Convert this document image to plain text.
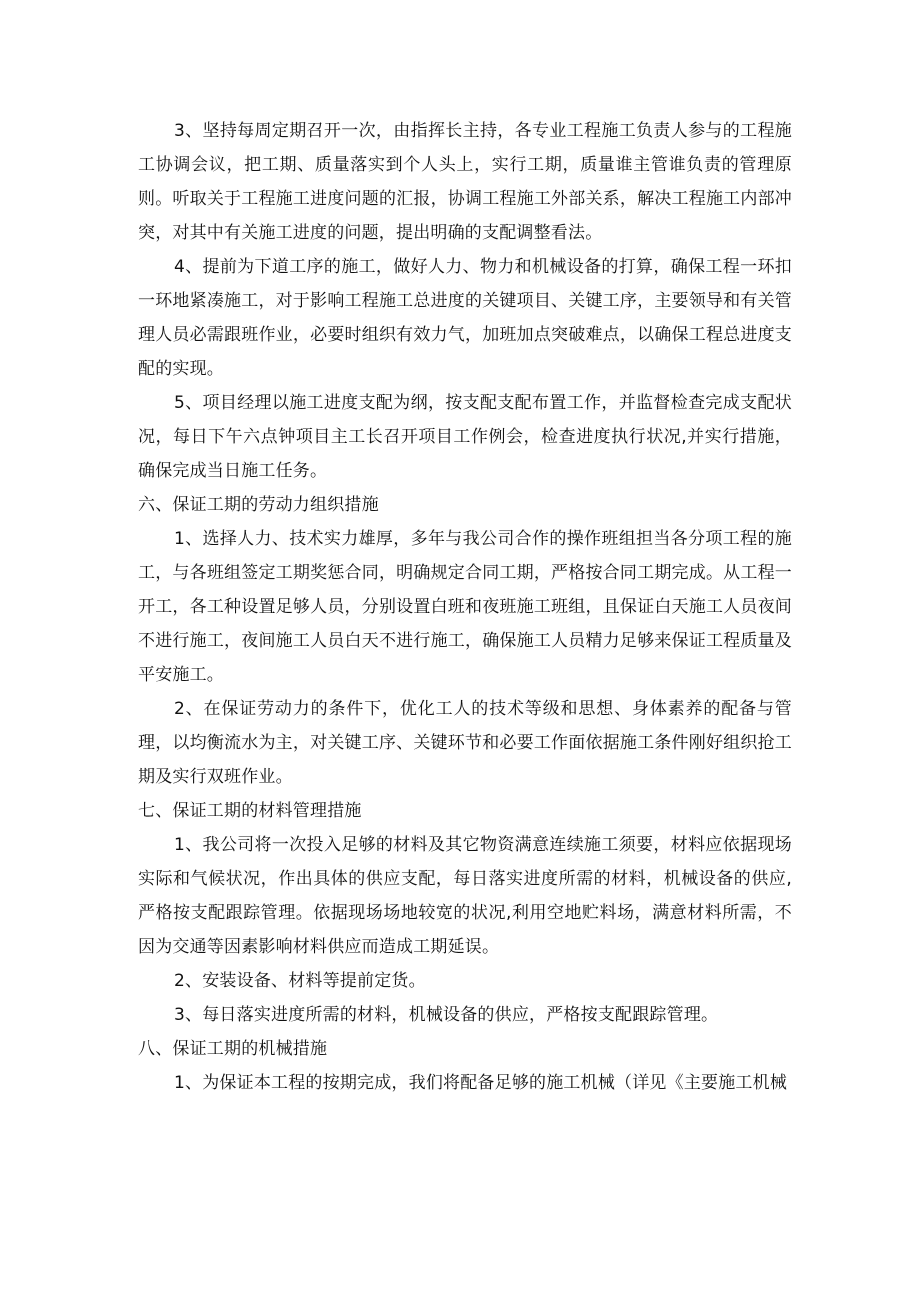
3、坚持每周定期召开一次，由指挥长主持，各专业工程施工负责人参与的工程施工协调会议，把工期、质量落实到个人头上，实行工期，质量谁主管谁负责的管理原则。听取关于工程施工进度问题的汇报，协调工程施工外部关系，解决工程施工内部冲突，对其中有关施工进度的问题，提出明确的支配调整看法。

4、提前为下道工序的施工，做好人力、物力和机械设备的打算，确保工程一环扣一环地紧凑施工，对于影响工程施工总进度的关键项目、关键工序，主要领导和有关管理人员必需跟班作业，必要时组织有效力气，加班加点突破难点，以确保工程总进度支配的实现。

5、项目经理以施工进度支配为纲，按支配支配布置工作，并监督检查完成支配状况，每日下午六点钟项目主工长召开项目工作例会，检查进度执行状况,并实行措施，确保完成当日施工任务。

六、保证工期的劳动力组织措施

1、选择人力、技术实力雄厚，多年与我公司合作的操作班组担当各分项工程的施工，与各班组签定工期奖惩合同，明确规定合同工期，严格按合同工期完成。从工程一开工，各工种设置足够人员，分别设置白班和夜班施工班组，且保证白天施工人员夜间不进行施工，夜间施工人员白天不进行施工，确保施工人员精力足够来保证工程质量及平安施工。

2、在保证劳动力的条件下，优化工人的技术等级和思想、身体素养的配备与管理，以均衡流水为主，对关键工序、关键环节和必要工作面依据施工条件刚好组织抢工期及实行双班作业。

七、保证工期的材料管理措施

1、我公司将一次投入足够的材料及其它物资满意连续施工须要，材料应依据现场实际和气候状况，作出具体的供应支配，每日落实进度所需的材料，机械设备的供应,严格按支配跟踪管理。依据现场场地较宽的状况,利用空地贮料场，满意材料所需，不因为交通等因素影响材料供应而造成工期延误。

2、安装设备、材料等提前定货。

3、每日落实进度所需的材料，机械设备的供应，严格按支配跟踪管理。

八、保证工期的机械措施

1、为保证本工程的按期完成，我们将配备足够的施工机械（详见《主要施工机械
